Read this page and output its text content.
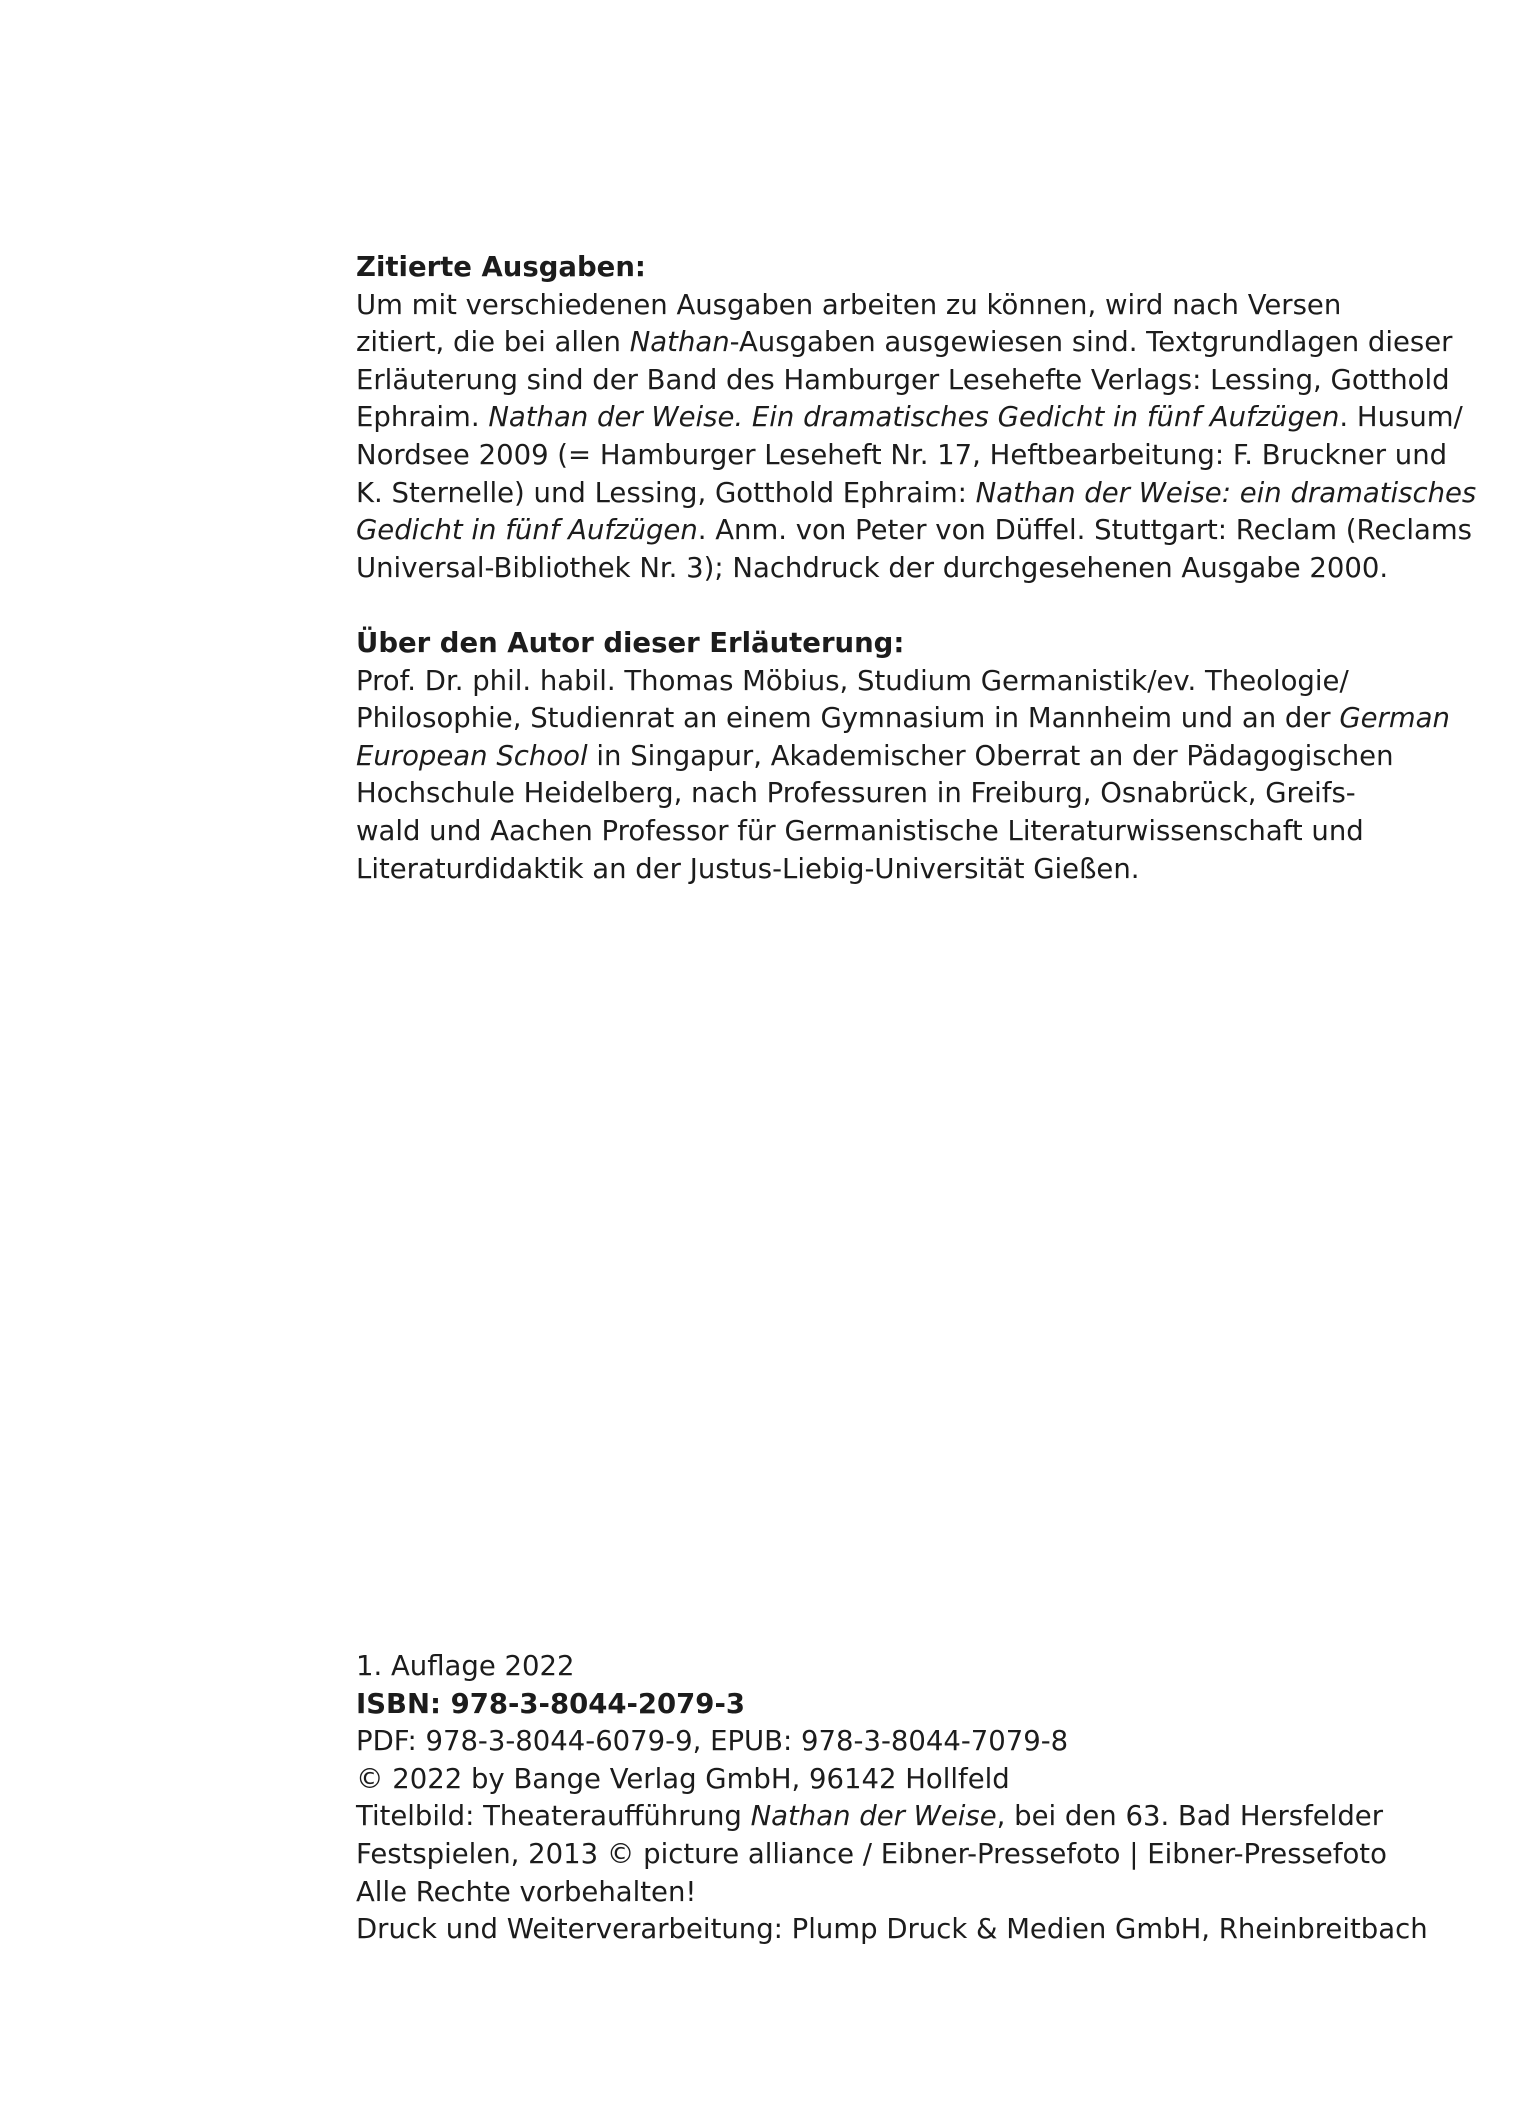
Zitierte Ausgaben:
Um mit verschiedenen Ausgaben arbeiten zu können, wird nach Versen
zitiert, die bei allen Nathan-Ausgaben ausgewiesen sind. Textgrundlagen dieser
Erläuterung sind der Band des Hamburger Lesehefte Verlags: Lessing, Gotthold
Ephraim. Nathan der Weise. Ein dramatisches Gedicht in fünf Aufzügen. Husum/
Nordsee 2009 (= Hamburger Leseheft Nr. 17, Heftbearbeitung: F. Bruckner und
K. Sternelle) und Lessing, Gotthold Ephraim: Nathan der Weise: ein dramatisches
Gedicht in fünf Aufzügen. Anm. von Peter von Düffel. Stuttgart: Reclam (Reclams
Universal-Bibliothek Nr. 3); Nachdruck der durchgesehenen Ausgabe 2000.
Über den Autor dieser Erläuterung:
Prof. Dr. phil. habil. Thomas Möbius, Studium Germanistik/ev. Theologie/
Philosophie, Studienrat an einem Gymnasium in Mannheim und an der German
European School in Singapur, Akademischer Oberrat an der Pädagogischen
Hochschule Heidelberg, nach Professuren in Freiburg, Osnabrück, Greifs-
wald und Aachen Professor für Germanistische Literaturwissenschaft und
Literaturdidaktik an der Justus-Liebig-Universität Gießen.
1. Auflage 2022
ISBN: 978-3-8044-2079-3
PDF: 978-3-8044-6079-9, EPUB: 978-3-8044-7079-8
© 2022 by Bange Verlag GmbH, 96142 Hollfeld
Titelbild: Theateraufführung Nathan der Weise, bei den 63. Bad Hersfelder
Festspielen, 2013 © picture alliance / Eibner-Pressefoto | Eibner-Pressefoto
Alle Rechte vorbehalten!
Druck und Weiterverarbeitung: Plump Druck & Medien GmbH, Rheinbreitbach
